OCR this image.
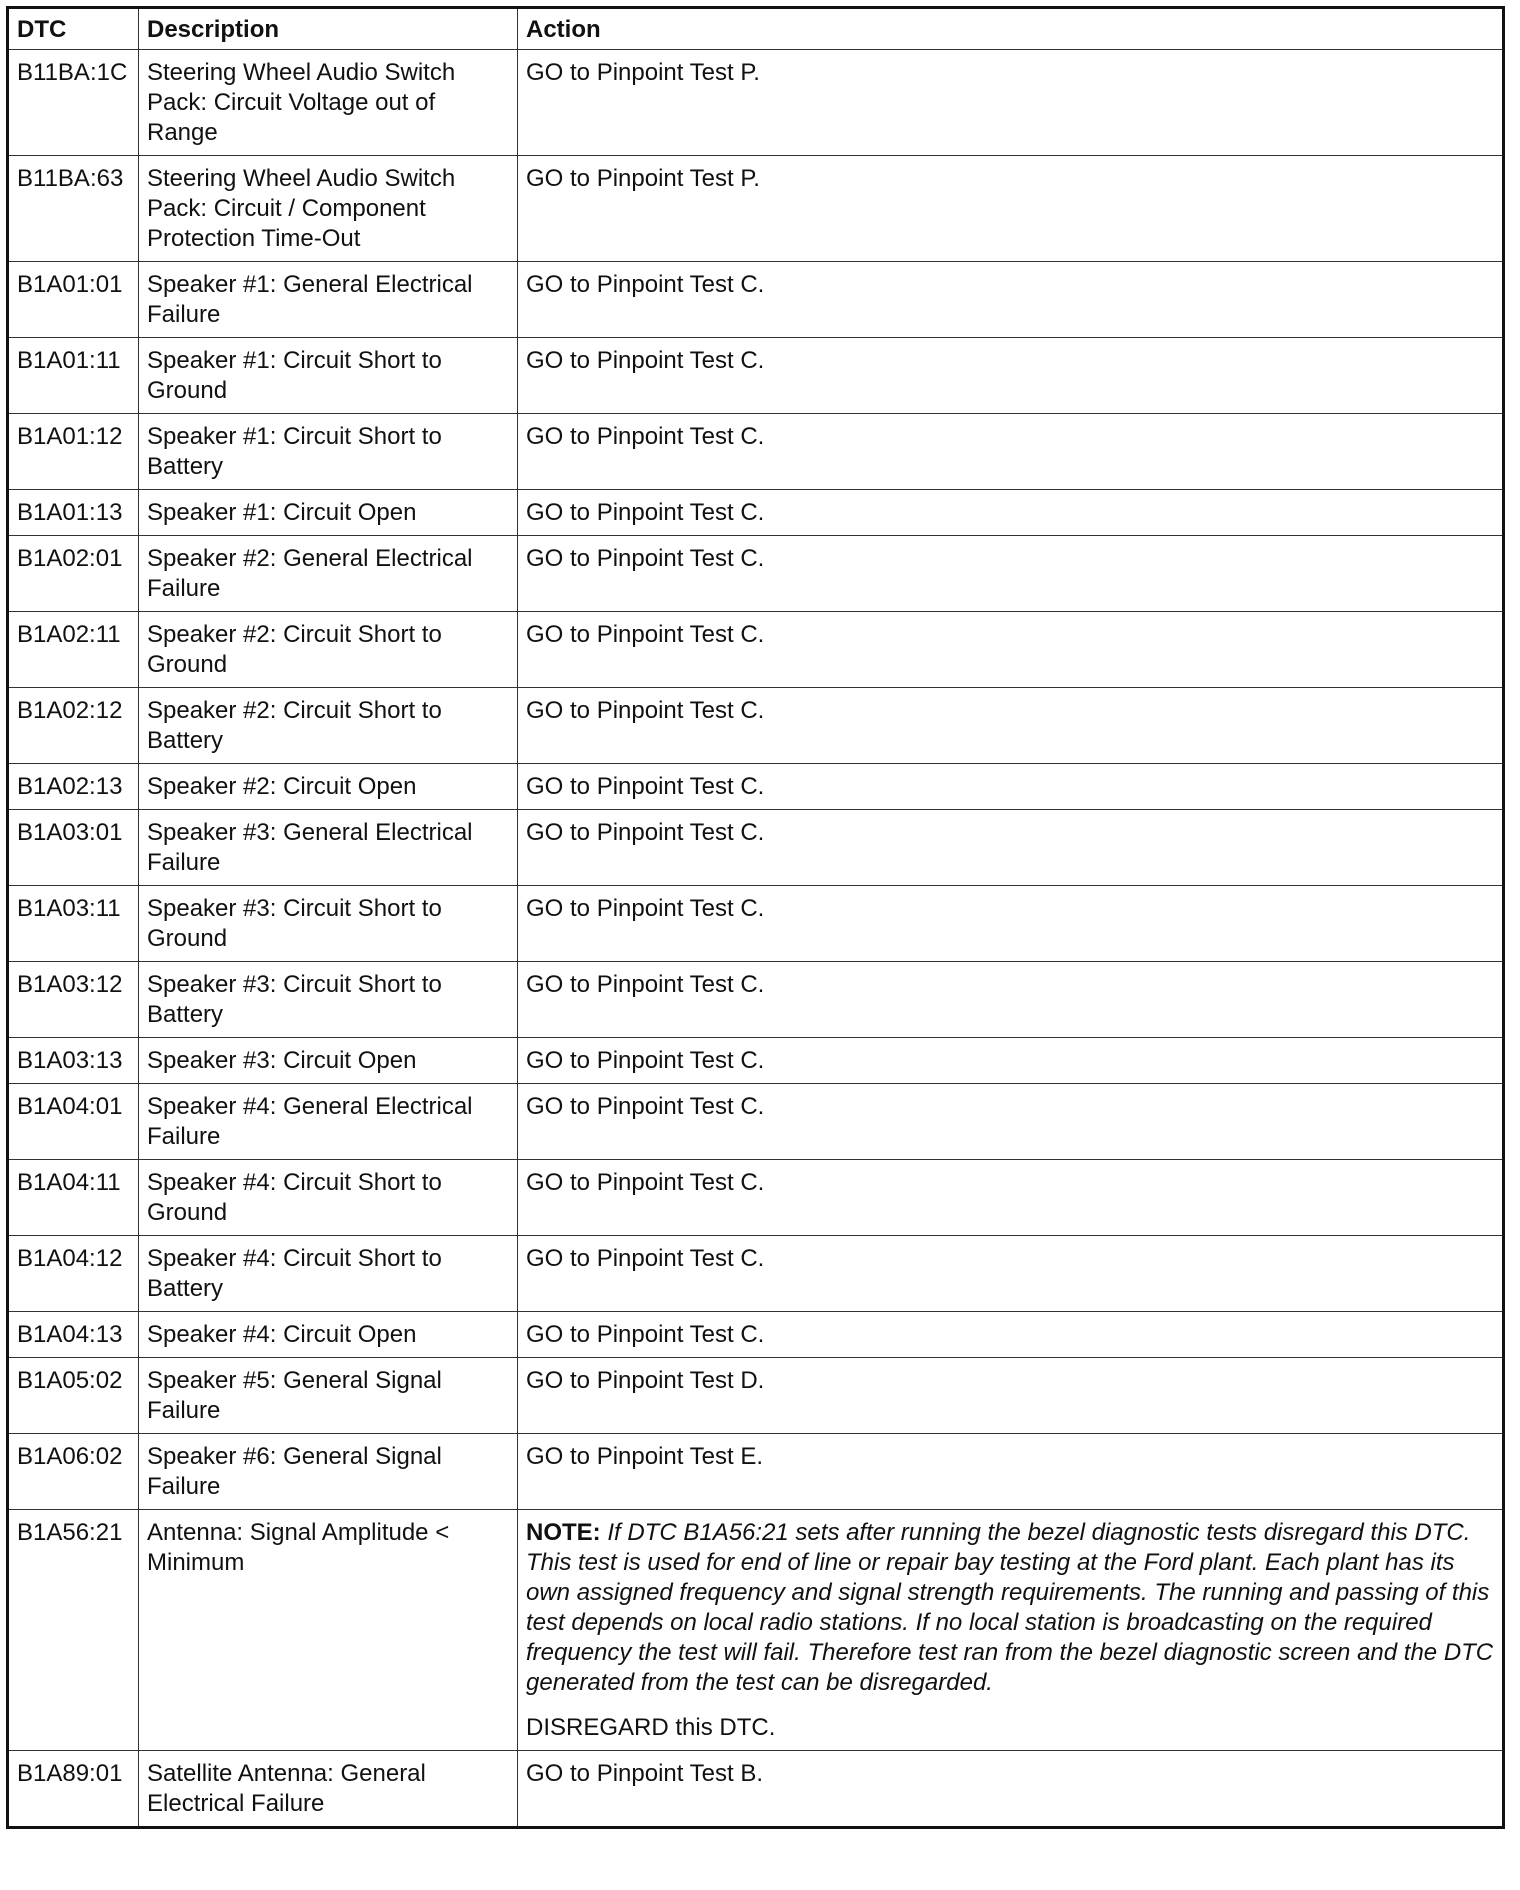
DTC	Description	Action
B11BA:1C	Steering Wheel Audio Switch Pack: Circuit Voltage out of Range	GO to Pinpoint Test P.
B11BA:63	Steering Wheel Audio Switch Pack: Circuit / Component Protection Time-Out	GO to Pinpoint Test P.
B1A01:01	Speaker #1: General Electrical Failure	GO to Pinpoint Test C.
B1A01:11	Speaker #1: Circuit Short to Ground	GO to Pinpoint Test C.
B1A01:12	Speaker #1: Circuit Short to Battery	GO to Pinpoint Test C.
B1A01:13	Speaker #1: Circuit Open	GO to Pinpoint Test C.
B1A02:01	Speaker #2: General Electrical Failure	GO to Pinpoint Test C.
B1A02:11	Speaker #2: Circuit Short to Ground	GO to Pinpoint Test C.
B1A02:12	Speaker #2: Circuit Short to Battery	GO to Pinpoint Test C.
B1A02:13	Speaker #2: Circuit Open	GO to Pinpoint Test C.
B1A03:01	Speaker #3: General Electrical Failure	GO to Pinpoint Test C.
B1A03:11	Speaker #3: Circuit Short to Ground	GO to Pinpoint Test C.
B1A03:12	Speaker #3: Circuit Short to Battery	GO to Pinpoint Test C.
B1A03:13	Speaker #3: Circuit Open	GO to Pinpoint Test C.
B1A04:01	Speaker #4: General Electrical Failure	GO to Pinpoint Test C.
B1A04:11	Speaker #4: Circuit Short to Ground	GO to Pinpoint Test C.
B1A04:12	Speaker #4: Circuit Short to Battery	GO to Pinpoint Test C.
B1A04:13	Speaker #4: Circuit Open	GO to Pinpoint Test C.
B1A05:02	Speaker #5: General Signal Failure	GO to Pinpoint Test D.
B1A06:02	Speaker #6: General Signal Failure	GO to Pinpoint Test E.
B1A56:21	Antenna: Signal Amplitude < Minimum	NOTE: If DTC B1A56:21 sets after running the bezel diagnostic tests disregard this DTC. This test is used for end of line or repair bay testing at the Ford plant. Each plant has its own assigned frequency and signal strength requirements. The running and passing of this test depends on local radio stations. If no local station is broadcasting on the required frequency the test will fail. Therefore test ran from the bezel diagnostic screen and the DTC generated from the test can be disregarded.
DISREGARD this DTC.

B1A89:01	Satellite Antenna: General Electrical Failure	GO to Pinpoint Test B.
